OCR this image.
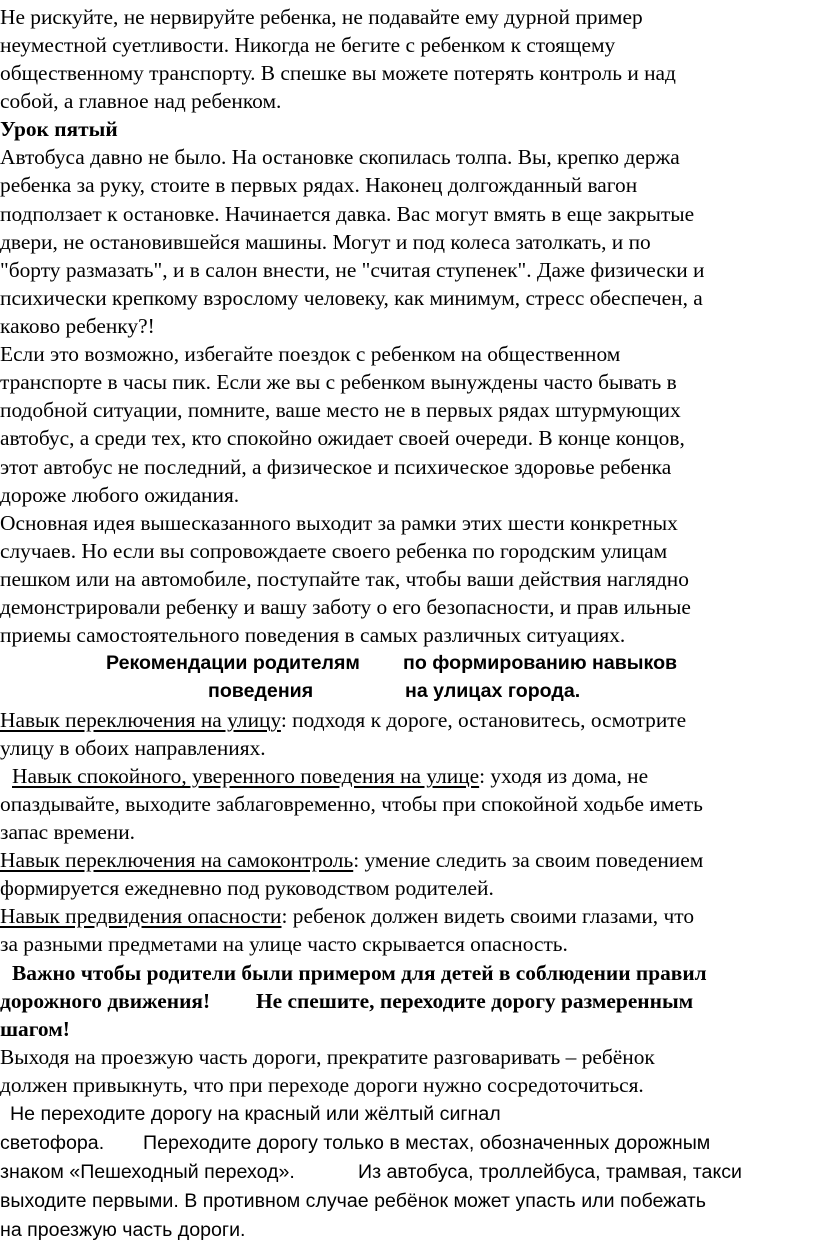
Не рискуйте, не нервируйте ребенка, не подавайте ему дурной пример
неуместной суетливости. Никогда не бегите с ребенком к стоящему
общественному транспорту. В спешке вы можете потерять контроль и над
собой, а главное над ребенком.
Урок пятый
Автобуса давно не было. На остановке скопилась толпа. Вы, крепко держа
ребенка за руку, стоите в первых рядах. Наконец долгожданный вагон
подползает к остановке. Начинается давка. Вас могут вмять в еще закрытые
двери, не остановившейся машины. Могут и под колеса затолкать, и по
"борту размазать", и в салон внести, не "считая ступенек". Даже физически и
психически крепкому взрослому человеку, как минимум, стресс обеспечен, а
каково ребенку?!
Если это возможно, избегайте поездок с ребенком на общественном
транспорте в часы пик. Если же вы с ребенком вынуждены часто бывать в
подобной ситуации, помните, ваше место не в первых рядах штурмующих
автобус, а среди тех, кто спокойно ожидает своей очереди. В конце концов,
этот автобус не последний, а физическое и психическое здоровье ребенка
дороже любого ожидания.
Основная идея вышесказанного выходит за рамки этих шести конкретных
случаев. Но если вы сопровождаете своего ребенка по городским улицам
пешком или на автомобиле, поступайте так, чтобы ваши действия наглядно
демонстрировали ребенку и вашу заботу о его безопасности, и прав ильные
приемы самостоятельного поведения в самых различных ситуациях.
Рекомендации родителям по формированию навыков
поведения	на улицах города.
Навык переключения на улицу: подходя к дороге, остановитесь, осмотрите
улицу в обоих направлениях.
Навык спокойного, уверенного поведения на улице: уходя из дома, не
опаздывайте, выходите заблаговременно, чтобы при спокойной ходьбе иметь
запас времени.
Навык переключения на самоконтроль: умение следить за своим поведением
формируется ежедневно под руководством родителей.
Навык предвидения опасности: ребенок должен видеть своими глазами, что
за разными предметами на улице часто скрывается опасность.
Важно чтобы родители были примером для детей в соблюдении правил
дорожного движения! Не спешите, переходите дорогу размеренным
шагом!
Выходя на проезжую часть дороги, прекратите разговаривать – ребёнок
должен привыкнуть, что при переходе дороги нужно сосредоточиться.
Не переходите дорогу на красный или жёлтый сигнал
светофора. Переходите дорогу только в местах, обозначенных дорожным
знаком «Пешеходный переход».	Из автобуса, троллейбуса, трамвая, такси
выходите первыми. В противном случае ребёнок может упасть или побежать
на проезжую часть дороги.
